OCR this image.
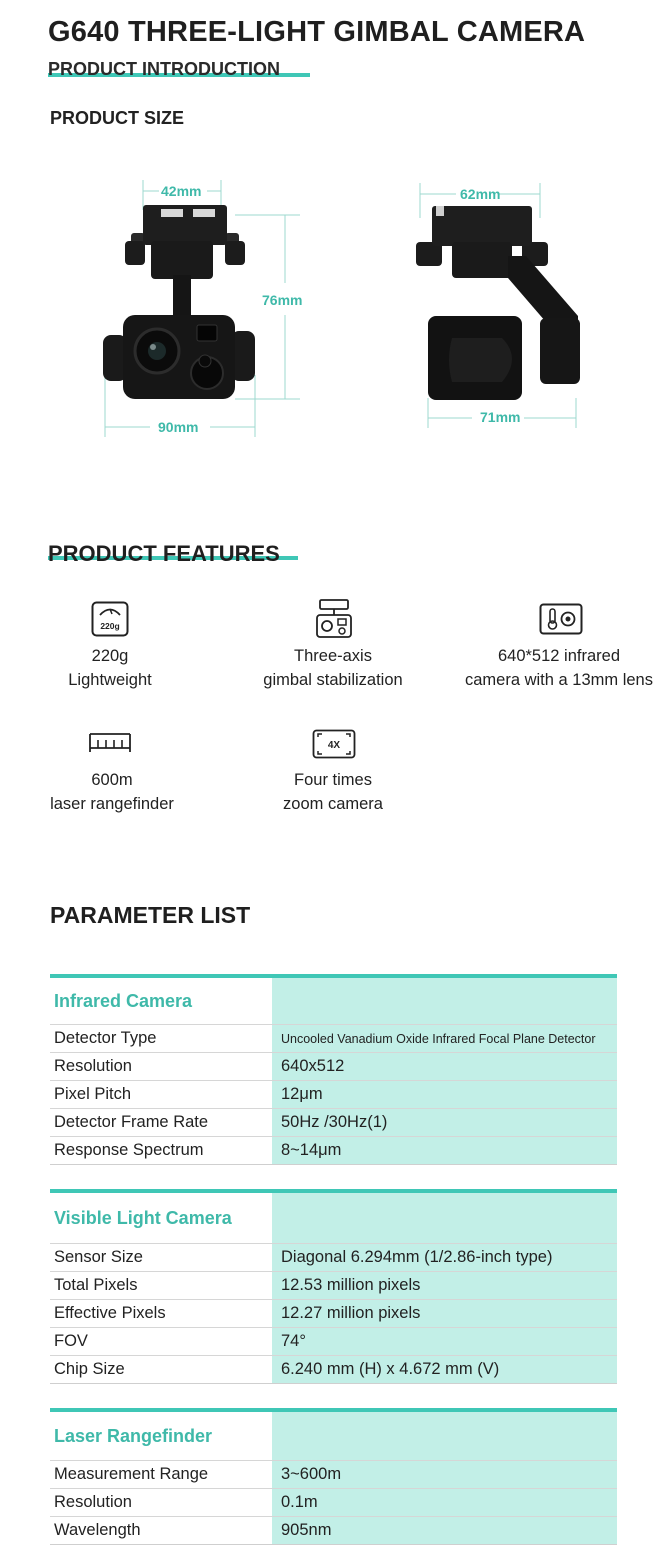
G640 THREE-LIGHT GIMBAL CAMERA
PRODUCT INTRODUCTION
PRODUCT SIZE
42mm
76mm
90mm
62mm
71mm
PRODUCT FEATURES
220g
4X
220g
Lightweight
Three-axis
gimbal stabilization
640*512 infrared
camera with a 13mm lens
600m
laser rangefinder
Four times
zoom camera
PARAMETER LIST
Infrared Camera
Detector Type	Uncooled Vanadium Oxide Infrared Focal Plane Detector
Resolution	640x512
Pixel Pitch	12μm
Detector Frame Rate	50Hz /30Hz(1)
Response Spectrum	8~14μm
Visible Light Camera
Sensor Size	Diagonal 6.294mm (1/2.86-inch type)
Total Pixels	12.53 million pixels
Effective Pixels	12.27 million pixels
FOV	74°
Chip Size	6.240 mm (H) x 4.672 mm (V)
Laser Rangefinder
Measurement Range	3~600m
Resolution	0.1m
Wavelength	905nm
